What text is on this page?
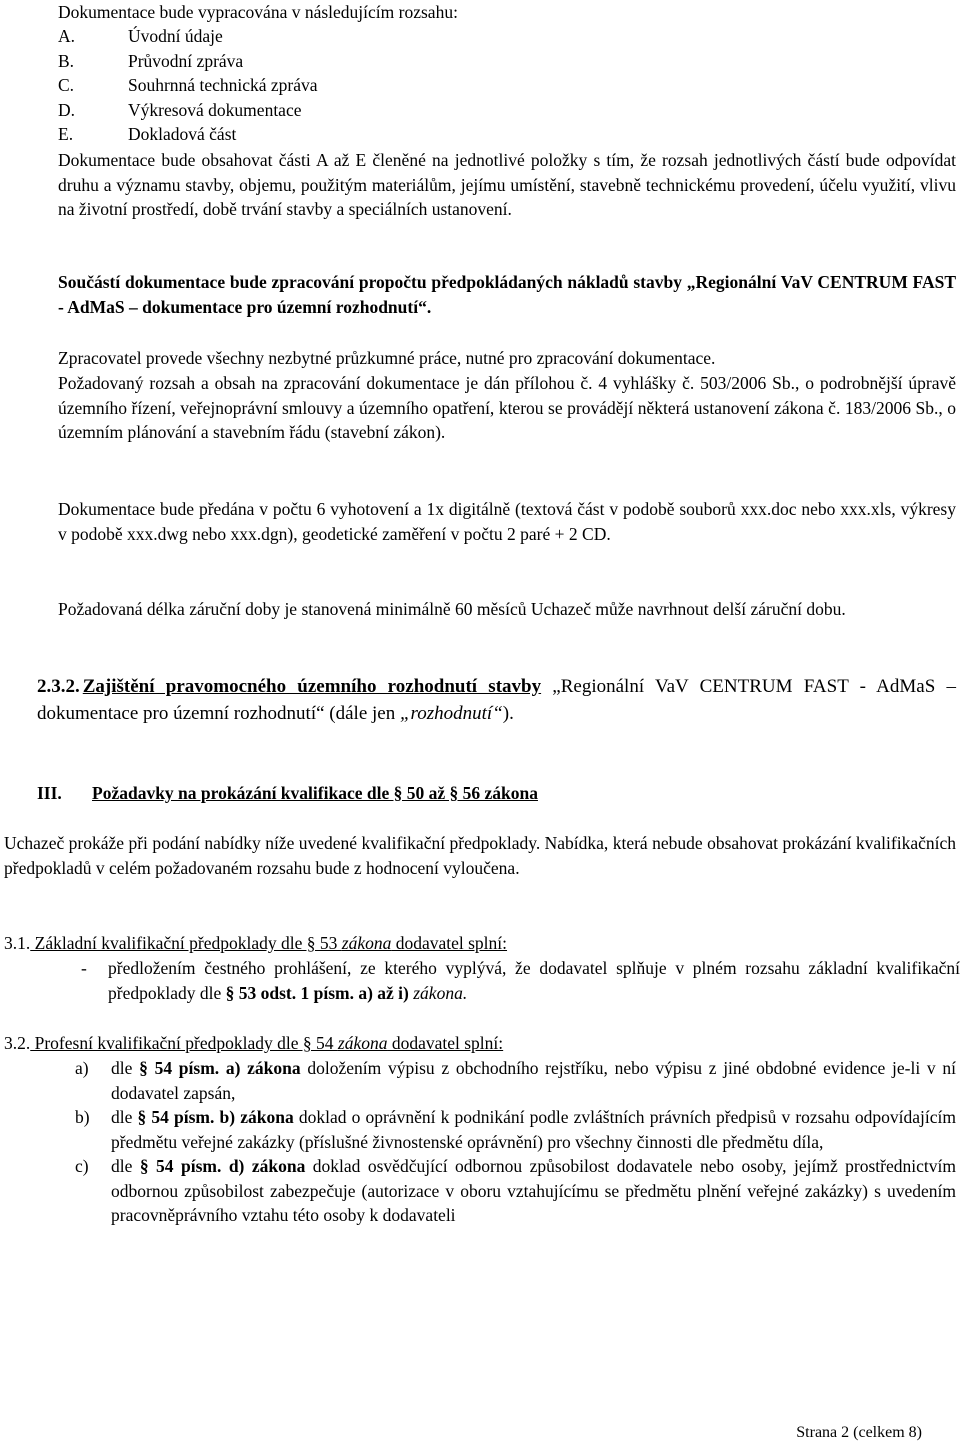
Dokumentace bude vypracována v následujícím rozsahu:

A.	Úvodní údaje
B.	Průvodní zpráva
C.	Souhrnná technická zpráva
D.	Výkresová dokumentace
E.	Dokladová část

Dokumentace bude obsahovat části A až E členěné na jednotlivé položky s tím, že rozsah jednotlivých částí bude odpovídat druhu a významu stavby, objemu, použitým materiálům, jejímu umístění, stavebně technickému provedení, účelu využití, vlivu na životní prostředí, době trvání stavby a speciálních ustanovení.

Součástí dokumentace bude zpracování propočtu předpokládaných nákladů stavby „Regionální VaV CENTRUM FAST - AdMaS – dokumentace pro územní rozhodnutí“.

Zpracovatel provede všechny nezbytné průzkumné práce, nutné pro zpracování dokumentace.

Požadovaný rozsah a obsah na zpracování dokumentace je dán přílohou č. 4 vyhlášky č. 503/2006 Sb., o podrobnější úpravě územního řízení, veřejnoprávní smlouvy a územního opatření, kterou se provádějí některá ustanovení zákona č. 183/2006 Sb., o územním plánování a stavebním řádu (stavební zákon).

Dokumentace bude předána v počtu 6 vyhotovení a 1x digitálně (textová část v podobě souborů xxx.doc nebo xxx.xls, výkresy v podobě xxx.dwg nebo xxx.dgn), geodetické zaměření v počtu 2 paré + 2 CD.

Požadovaná délka záruční doby je stanovená minimálně 60 měsíců Uchazeč může navrhnout delší záruční dobu.

2.3.2. Zajištění pravomocného územního rozhodnutí stavby „Regionální VaV CENTRUM FAST - AdMaS – dokumentace pro územní rozhodnutí“ (dále jen „rozhodnutí“).

III. Požadavky na prokázání kvalifikace dle § 50 až § 56 zákona

Uchazeč prokáže při podání nabídky níže uvedené kvalifikační předpoklady. Nabídka, která nebude obsahovat prokázání kvalifikačních předpokladů v celém požadovaném rozsahu bude z hodnocení vyloučena.

3.1. Základní kvalifikační předpoklady dle § 53 zákona dodavatel splní:
- předložením čestného prohlášení, ze kterého vyplývá, že dodavatel splňuje v plném rozsahu základní kvalifikační předpoklady dle § 53 odst. 1 písm. a) až i) zákona.
3.2. Profesní kvalifikační předpoklady dle § 54 zákona dodavatel splní:
a) dle § 54 písm. a) zákona doložením výpisu z obchodního rejstříku, nebo výpisu z jiné obdobné evidence je-li v ní dodavatel zapsán,
b) dle § 54 písm. b) zákona doklad o oprávnění k podnikání podle zvláštních právních předpisů v rozsahu odpovídajícím předmětu veřejné zakázky (příslušné živnostenské oprávnění) pro všechny činnosti dle předmětu díla,
c) dle § 54 písm. d) zákona doklad osvědčující odbornou způsobilost dodavatele nebo osoby, jejímž prostřednictvím odbornou způsobilost zabezpečuje (autorizace v oboru vztahujícímu se předmětu plnění veřejné zakázky) s uvedením pracovněprávního vztahu této osoby k dodavateli
Strana 2 (celkem 8)
